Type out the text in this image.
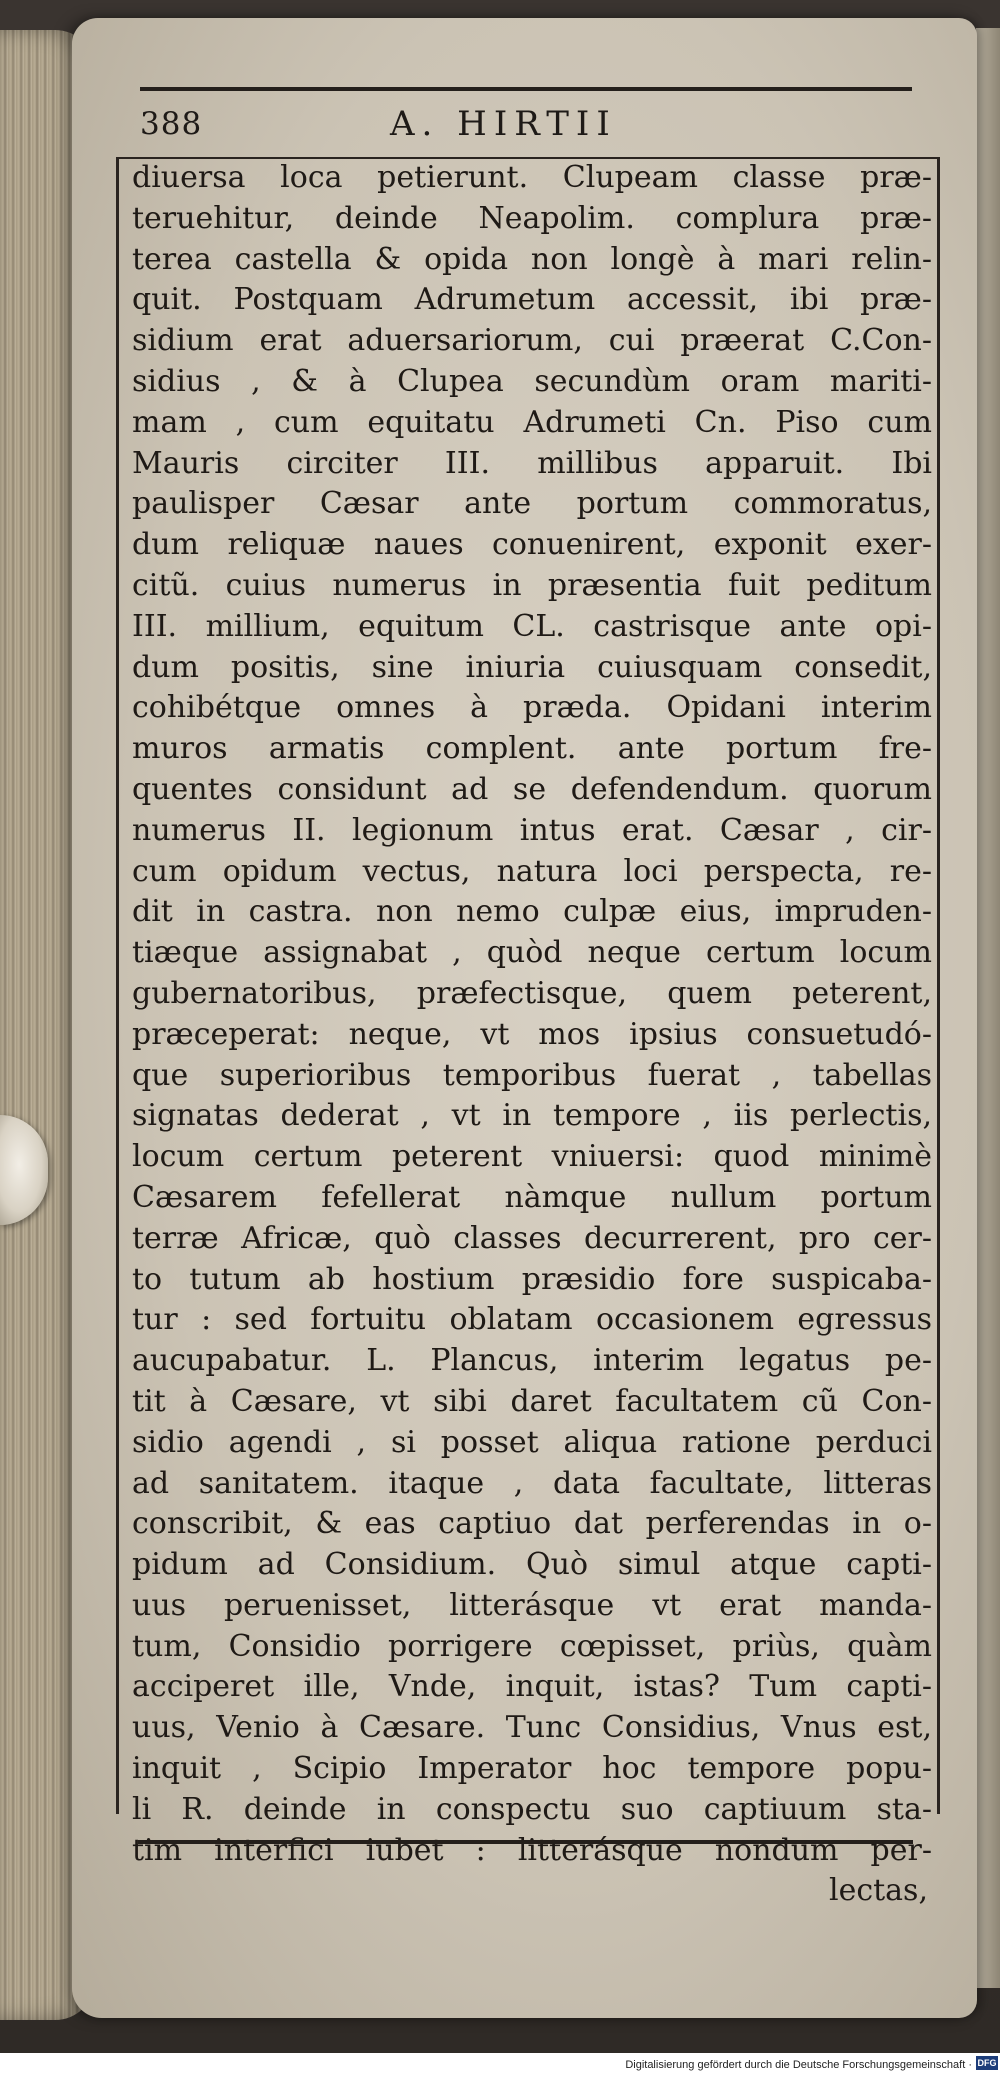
388	A. HIRTII
diuersa loca petierunt. Clupeam classe præ-
teruehitur, deinde Neapolim. complura præ-
terea castella & opida non longè à mari relin-
quit. Postquam Adrumetum accessit, ibi præ-
sidium erat aduersariorum, cui præerat C.Con-
sidius , & à Clupea secundùm oram mariti-
mam , cum equitatu Adrumeti Cn. Piso cum
Mauris circiter III. millibus apparuit. Ibi
paulisper Cæsar ante portum commoratus,
dum reliquæ naues conuenirent, exponit exer-
citũ. cuius numerus in præsentia fuit peditum
III. millium, equitum CL. castrisque ante opi-
dum positis, sine iniuria cuiusquam consedit,
cohibétque omnes à præda. Opidani interim
muros armatis complent. ante portum fre-
quentes considunt ad se defendendum. quorum
numerus II. legionum intus erat. Cæsar , cir-
cum opidum vectus, natura loci perspecta, re-
dit in castra. non nemo culpæ eius, impruden-
tiæque assignabat , quòd neque certum locum
gubernatoribus, præfectisque, quem peterent,
præceperat: neque, vt mos ipsius consuetudó-
que superioribus temporibus fuerat , tabellas
signatas dederat , vt in tempore , iis perlectis,
locum certum peterent vniuersi: quod minimè
Cæsarem fefellerat nàmque nullum portum
terræ Africæ, quò classes decurrerent, pro cer-
to tutum ab hostium præsidio fore suspicaba-
tur : sed fortuitu oblatam occasionem egressus
aucupabatur. L. Plancus, interim legatus pe-
tit à Cæsare, vt sibi daret facultatem cũ Con-
sidio agendi , si posset aliqua ratione perduci
ad sanitatem. itaque , data facultate, litteras
conscribit, & eas captiuo dat perferendas in o-
pidum ad Considium. Quò simul atque capti-
uus peruenisset, litterásque vt erat manda-
tum, Considio porrigere cœpisset, priùs, quàm
acciperet ille, Vnde, inquit, istas? Tum capti-
uus, Venio à Cæsare. Tunc Considius, Vnus est,
inquit , Scipio Imperator hoc tempore popu-
li R. deinde in conspectu suo captiuum sta-
tim interfici iubet : litterásque nondum per-
lectas,
Digitalisierung gefördert durch die Deutsche Forschungsgemeinschaft · DFG
